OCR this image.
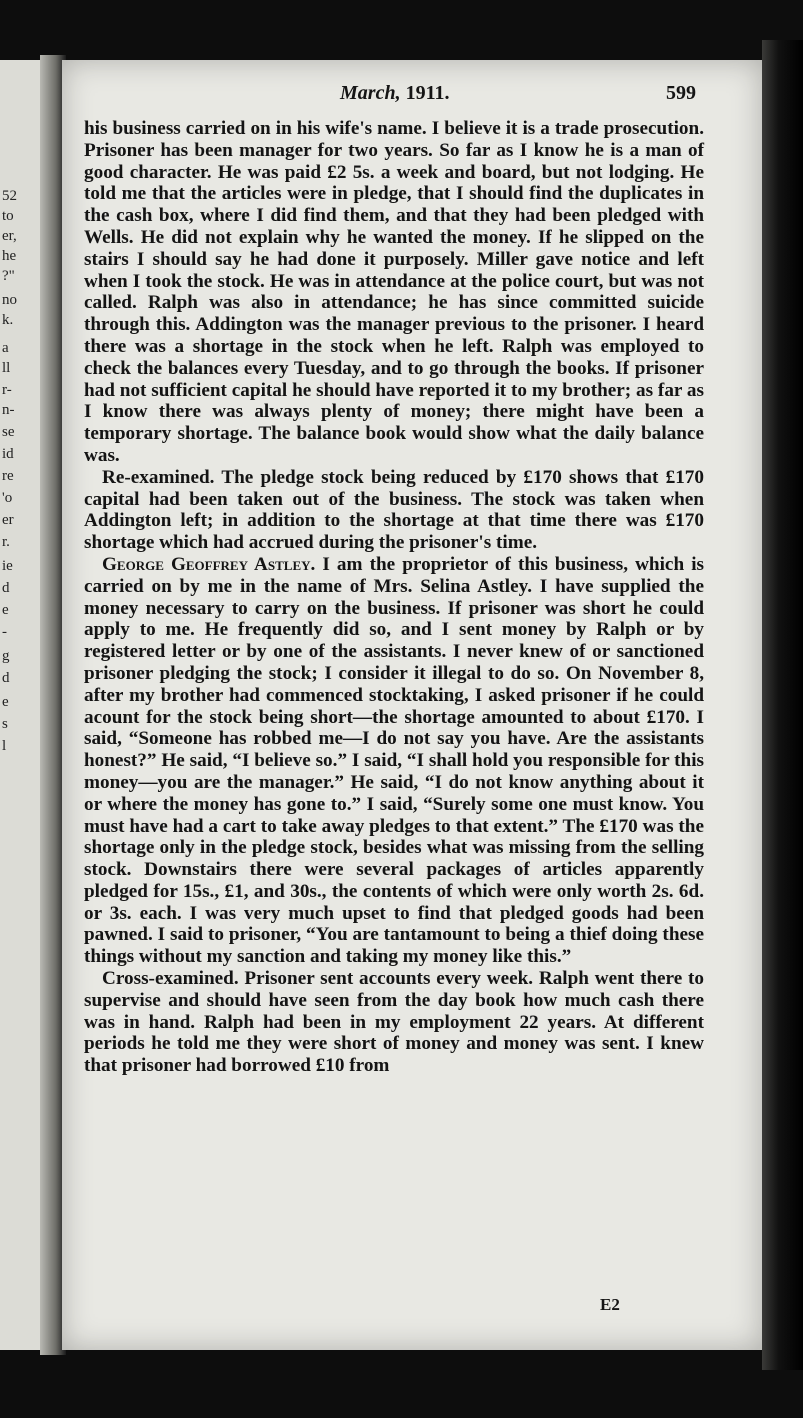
52
to
er,
he
?"
no
k.
a
ll
r-
n-
se
id
re
'o
er
r.
ie
d
e
-
g
d
e
s
l
March, 1911.	599

his business carried on in his wife's name. I believe it is a trade prosecution. Prisoner has been manager for two years. So far as I know he is a man of good character. He was paid £2 5s. a week and board, but not lodging. He told me that the articles were in pledge, that I should find the duplicates in the cash box, where I did find them, and that they had been pledged with Wells. He did not explain why he wanted the money. If he slipped on the stairs I should say he had done it purposely. Miller gave notice and left when I took the stock. He was in attendance at the police court, but was not called. Ralph was also in attendance; he has since committed suicide through this. Addington was the manager previous to the prisoner. I heard there was a shortage in the stock when he left. Ralph was employed to check the balances every Tuesday, and to go through the books. If prisoner had not sufficient capital he should have reported it to my brother; as far as I know there was always plenty of money; there might have been a temporary shortage. The balance book would show what the daily balance was.

Re-examined. The pledge stock being reduced by £170 shows that £170 capital had been taken out of the business. The stock was taken when Addington left; in addition to the shortage at that time there was £170 shortage which had accrued during the prisoner's time.

George Geoffrey Astley. I am the proprietor of this business, which is carried on by me in the name of Mrs. Selina Astley. I have supplied the money necessary to carry on the business. If prisoner was short he could apply to me. He frequently did so, and I sent money by Ralph or by registered letter or by one of the assistants. I never knew of or sanctioned prisoner pledging the stock; I consider it illegal to do so. On November 8, after my brother had commenced stocktaking, I asked prisoner if he could acount for the stock being short—the shortage amounted to about £170. I said, “Someone has robbed me—I do not say you have. Are the assistants honest?” He said, “I believe so.” I said, “I shall hold you responsible for this money—you are the manager.” He said, “I do not know anything about it or where the money has gone to.” I said, “Surely some one must know. You must have had a cart to take away pledges to that extent.” The £170 was the shortage only in the pledge stock, besides what was missing from the selling stock. Downstairs there were several packages of articles apparently pledged for 15s., £1, and 30s., the contents of which were only worth 2s. 6d. or 3s. each. I was very much upset to find that pledged goods had been pawned. I said to prisoner, “You are tantamount to being a thief doing these things without my sanction and taking my money like this.”

Cross-examined. Prisoner sent accounts every week. Ralph went there to supervise and should have seen from the day book how much cash there was in hand. Ralph had been in my employment 22 years. At different periods he told me they were short of money and money was sent. I knew that prisoner had borrowed £10 from

E2
